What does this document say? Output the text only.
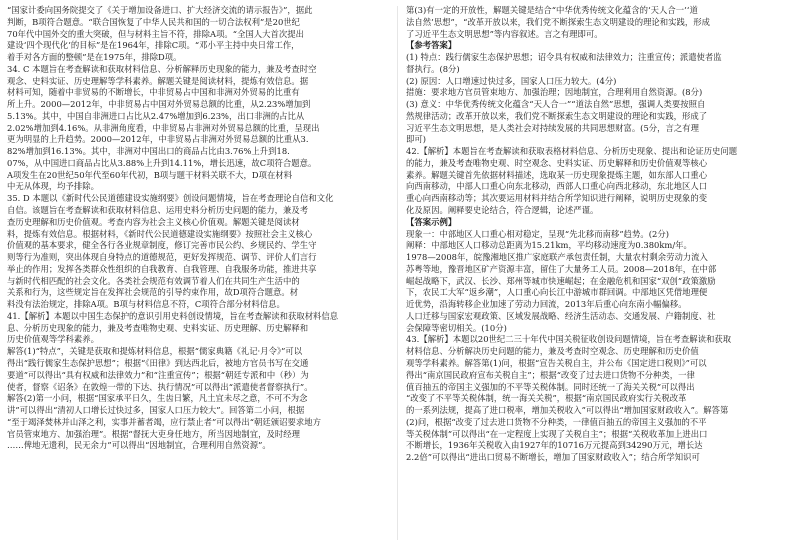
“国家计委向国务院提交了《关于增加设备进口、扩大经济交流的请示报告》”，据此

判断，B项符合题意。“联合国恢复了中华人民共和国的一切合法权利”是20世纪

70年代中国外交的重大突破，但与材料主旨不符，排除A项。“全国人大首次提出

建设‘四个现代化’的目标”是在1964年，排除C项。“邓小平主持中央日常工作，

着手对各方面的整顿”是在1975年，排除D项。

34. C 本题旨在考查解读和获取材料信息、分析解释历史现象的能力，兼及考查时空

观念、史料实证、历史理解等学科素养。解题关键是阅读材料，提炼有效信息。据

材料可知，随着中非贸易的不断增长，中非贸易占中国和非洲对外贸易的比重有

所上升。2000—2012年，中非贸易占中国对外贸易总额的比重，从2.23%增加到

5.13%。其中，中国自非洲进口占比从2.47%增加到6.23%，出口非洲的占比从

2.02%增加到4.16%。从非洲角度看，中非贸易占非洲对外贸易总额的比重，呈现出

更为明显的上升趋势。2000—2012年，中非贸易占非洲对外贸易总额的比重从3.

82%增加到16.13%。其中，非洲对中国出口的商品占比由3.76%上升到18.

07%，从中国进口商品占比从3.88%上升到14.11%，增长迅速，故C项符合题意。

A项发生在20世纪50年代至60年代初，B项与题干材料关联不大，D项在材料

中无从体现，均予排除。

35. D 本题以《新时代公民道德建设实施纲要》创设问题情境，旨在考查理论自信和文化

自信。该题旨在考查解读和获取材料信息、运用史料分析历史问题的能力，兼及考

查历史理解和历史价值观。考查内容为社会主义核心价值观。解题关键是阅读材

料，提炼有效信息。根据材料，《新时代公民道德建设实施纲要》按照社会主义核心

价值观的基本要求，健全各行各业规章制度，修订完善市民公约、乡规民约、学生守

则等行为准则，突出体现自身特点的道德规范，更好发挥规范、调节、评价人们言行

举止的作用；发挥各类群众性组织的自我教育、自我管理、自我服务功能，推进共享

与新时代相匹配的社会文化。各类社会规范有效调节着人们在共同生产生活中的

关系和行为，这些规定旨在发挥社会规范的引导约束作用，故D项符合题意。材

料没有法治规定，排除A项。B项与材料信息不符，C项符合部分材料信息。

41.【解析】本题以中国生态保护的意识引用史料创设情境，旨在考查解读和获取材料信息

息、分析历史现象的能力，兼及考查唯物史观、史料实证、历史理解、历史解释和

历史价值观等学科素养。

解答(1)“特点”，关键是获取和提炼材料信息，根据“儒家典籍《礼记·月令》”可以

得出“践行儒家生态保护思想”；根据“《田律》到达西北后，被地方官员书写在交通

要道”可以得出“具有权威和法律效力”和“注重宣传”；根据“朝廷专派和中（秒）为

使者，督察《诏条》在敦煌一带的下达、执行情况”可以得出“派遣使者督察执行”。

解答(2)第一小问，根据“国家承平日久，生齿日繁，凡土宜未尽之意，不可不为念

讲”可以得出“清初人口增长过快过多，国家人口压力较大”。回答第二小问，根据

“至于竭泽焚林并山泽之利，实事并蓄者竭，应行禁止者”可以得出“朝廷颁诏要求地方

官员管束地方、加强治理”。根据“督抚大吏身任地方，所当因地制宜，及时经理

……俾地无遗利，民无余力”可以得出“因地制宜，合理利用自然资源”。

第(3)有一定的开放性，解题关键是结合“中华优秀传统文化蕴含的‘天人合一’‘道

法自然’思想”，“改革开放以来，我们党不断探索生态文明建设的理论和实践，形成

了习近平生态文明思想”等内容叙述。言之有理即可。

【参考答案】

(1) 特点：践行儒家生态保护思想；诏令具有权威和法律效力；注重宣传；派遣使者监

督执行。(8分)

(2) 原因：人口增速过快过多，国家人口压力较大。(4分)

措施：要求地方官员管束地方、加强治理；因地制宜，合理利用自然资源。(8分)

(3) 意义：中华优秀传统文化蕴含“天人合一”“道法自然”思想，强调人类要按照自

然规律活动；改革开放以来，我们党不断探索生态文明建设的理论和实践，形成了

习近平生态文明思想，是人类社会对持续发展的共同思想财富。(5分，言之有理

即可)

42.【解析】本题旨在考查解读和获取表格材料信息、分析历史现象、提出和论证历史问题

的能力，兼及考查唯物史观、时空观念、史料实证、历史解释和历史价值观等核心

素养。解题关键首先依据材料描述，选取某一历史现象提炼主题，如东部人口重心

向西南移动，中部人口重心向东北移动，西部人口重心向西北移动，东北地区人口

重心向西南移动等；其次要运用材料并结合所学知识进行阐释，说明历史现象的变

化及原因。阐释要史论结合，符合逻辑，论述严谨。

【答案示例】

现象一：中部地区人口重心相对稳定，呈现“先北移而南移”趋势。(2分)

阐释：中部地区人口移动总距离为15.21km，平均移动速度为0.380km/年。

1978—2008年，皖豫湘地区推广家庭联产承包责任制，大量农村剩余劳动力流入

苏粤等地，豫晋地区矿产资源丰富，留住了大量务工人员。2008—2018年，在中部

崛起战略下，武汉、长沙、郑州等城市快速崛起；在金融危机和国家“双创”政策激励

下，农民工大军“返乡潮”，人口重心向长江中游城市群回调。中部地区凭借地理便

近优势，沿海转移企业加速了劳动力回流，2013年后重心向东南小幅偏移。

人口迁移与国家宏观政策、区域发展战略、经济生活动态、交通发展、户籍制度、社

会保障等密切相关。(10分)

43.【解析】本题以20世纪二三十年代中国关税征收创设问题情境，旨在考查解读和获取

材料信息、分析解决历史问题的能力，兼及考查时空观念、历史理解和历史价值

观等学科素养。解答第(1)问，根据“宣告关税自主，并公布《国定进口税则》”可以

得出“南京国民政府宣布关税自主”；根据“改变了过去进口货物不分种类，一律

值百抽五的帝国主义强加的不平等关税体制。同时还统一了海关关税”可以得出

“改变了不平等关税体制，统一海关关税”，根据“南京国民政府实行关税改革

的一系列法规，提高了进口税率，增加关税收入”可以得出“增加国家财政收入”。解答第

(2)问，根据“改变了过去进口货物不分种类，一律值百抽五的帝国主义强加的不平

等关税体制”可以得出“在一定程度上实现了关税自主”；根据“关税收革加上进出口

不断增长，1936年关税收入由1927年的10716万元提高到34290万元，增长达

2.2倍”可以得出“进出口贸易不断增长，增加了国家财政收入”；结合所学知识可
